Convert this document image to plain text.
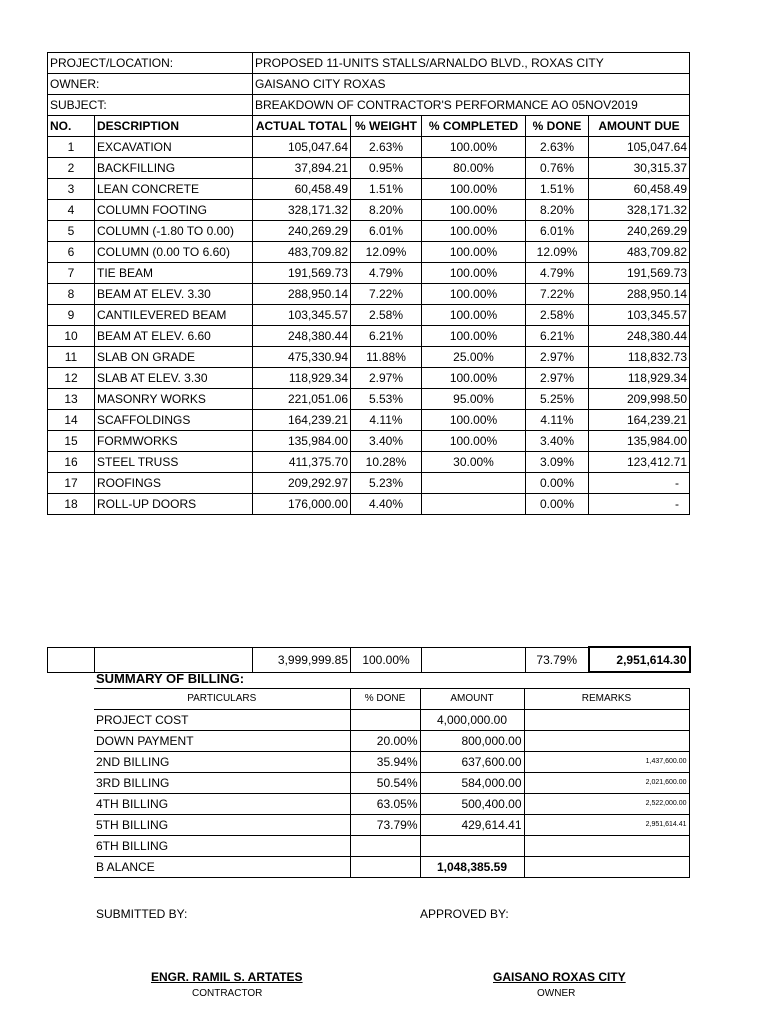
PROJECT/LOCATION:		PROPOSED 11-UNITS STALLS/ARNALDO BLVD., ROXAS CITY				
OWNER:		GAISANO CITY ROXAS				
SUBJECT:		BREAKDOWN OF CONTRACTOR'S PERFORMANCE AO 05NOV2019				
NO.	DESCRIPTION	ACTUAL TOTAL	% WEIGHT	% COMPLETED	% DONE	AMOUNT DUE
1	EXCAVATION	105,047.64	2.63%	100.00%	2.63%	105,047.64
2	BACKFILLING	37,894.21	0.95%	80.00%	0.76%	30,315.37
3	LEAN CONCRETE	60,458.49	1.51%	100.00%	1.51%	60,458.49
4	COLUMN FOOTING	328,171.32	8.20%	100.00%	8.20%	328,171.32
5	COLUMN (-1.80 TO 0.00)	240,269.29	6.01%	100.00%	6.01%	240,269.29
6	COLUMN (0.00 TO 6.60)	483,709.82	12.09%	100.00%	12.09%	483,709.82
7	TIE BEAM	191,569.73	4.79%	100.00%	4.79%	191,569.73
8	BEAM AT ELEV. 3.30	288,950.14	7.22%	100.00%	7.22%	288,950.14
9	CANTILEVERED BEAM	103,345.57	2.58%	100.00%	2.58%	103,345.57
10	BEAM AT ELEV. 6.60	248,380.44	6.21%	100.00%	6.21%	248,380.44
11	SLAB ON GRADE	475,330.94	11.88%	25.00%	2.97%	118,832.73
12	SLAB AT ELEV. 3.30	118,929.34	2.97%	100.00%	2.97%	118,929.34
13	MASONRY WORKS	221,051.06	5.53%	95.00%	5.25%	209,998.50
14	SCAFFOLDINGS	164,239.21	4.11%	100.00%	4.11%	164,239.21
15	FORMWORKS	135,984.00	3.40%	100.00%	3.40%	135,984.00
16	STEEL TRUSS	411,375.70	10.28%	30.00%	3.09%	123,412.71
17	ROOFINGS	209,292.97	5.23%		0.00%	-
18	ROLL-UP DOORS	176,000.00	4.40%		0.00%	-
		3,999,999.85	100.00%		73.79%	2,951,614.30
SUMMARY OF BILLING:
PARTICULARS	% DONE	AMOUNT	REMARKS
PROJECT COST		4,000,000.00	
DOWN PAYMENT	20.00%	800,000.00	
2ND BILLING	35.94%	637,600.00	1,437,600.00
3RD BILLING	50.54%	584,000.00	2,021,600.00
4TH BILLING	63.05%	500,400.00	2,522,000.00
5TH BILLING	73.79%	429,614.41	2,951,614.41
6TH BILLING			
B ALANCE		1,048,385.59	
SUBMITTED BY:	APPROVED BY:
ENGR. RAMIL S. ARTATES
CONTRACTOR
GAISANO ROXAS CITY
OWNER
